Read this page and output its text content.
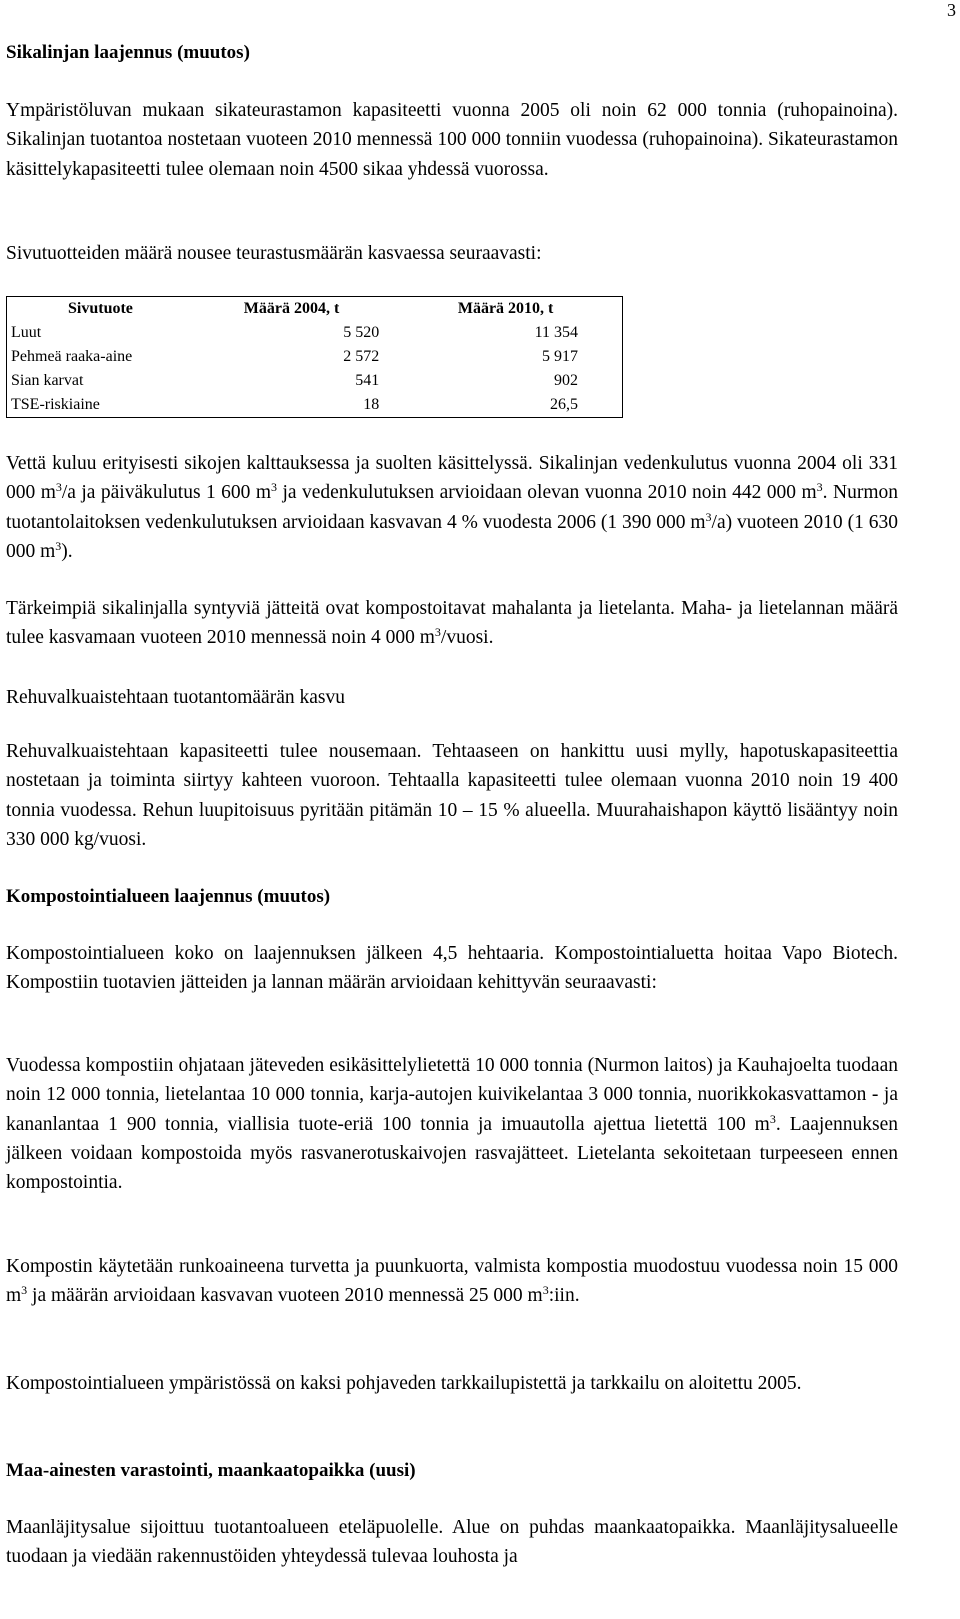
3
Sikalinjan laajennus (muutos)

Ympäristöluvan mukaan sikateurastamon kapasiteetti vuonna 2005 oli noin 62 000 tonnia (ruhopainoina). Sikalinjan tuotantoa nostetaan vuoteen 2010 mennessä 100 000 tonniin vuodessa (ruhopainoina). Sikateurastamon käsittelykapasiteetti tulee olemaan noin 4500 sikaa yhdessä vuorossa.

Sivutuotteiden määrä nousee teurastusmäärän kasvaessa seuraavasti:

Sivutuote	Määrä 2004, t	Määrä 2010, t
Luut	5 520	11 354
Pehmeä raaka-aine	2 572	5 917
Sian karvat	541	902
TSE-riskiaine	18	26,5

Vettä kuluu erityisesti sikojen kalttauksessa ja suolten käsittelyssä. Sikalinjan vedenkulutus vuonna 2004 oli 331 000 $m^3/a$ ja päiväkulutus 1 600 $m^3$ ja vedenkulutuksen arvioidaan olevan vuonna 2010 noin 442 000 $m^3$. Nurmon tuotantolaitoksen vedenkulutuksen arvioidaan kasvavan 4 % vuodesta 2006 (1 390 000 $m^3/a$) vuoteen 2010 (1 630 000 $m^3$).

Tärkeimpiä sikalinjalla syntyviä jätteitä ovat kompostoitavat mahalanta ja lietelanta. Maha- ja lietelannan määrä tulee kasvamaan vuoteen 2010 mennessä noin 4 000 $m^3$/vuosi.

Rehuvalkuaistehtaan tuotantomäärän kasvu

Rehuvalkuaistehtaan kapasiteetti tulee nousemaan. Tehtaaseen on hankittu uusi mylly, hapotuskapasiteettia nostetaan ja toiminta siirtyy kahteen vuoroon. Tehtaalla kapasiteetti tulee olemaan vuonna 2010 noin 19 400 tonnia vuodessa. Rehun luupitoisuus pyritään pitämän 10 – 15 % alueella. Muurahaishapon käyttö lisääntyy noin 330 000 kg/vuosi.

Kompostointialueen laajennus (muutos)

Kompostointialueen koko on laajennuksen jälkeen 4,5 hehtaaria. Kompostointialuetta hoitaa Vapo Biotech. Kompostiin tuotavien jätteiden ja lannan määrän arvioidaan kehittyvän seuraavasti:

Vuodessa kompostiin ohjataan jäteveden esikäsittelylietettä 10 000 tonnia (Nurmon laitos) ja Kauhajoelta tuodaan noin 12 000 tonnia, lietelantaa 10 000 tonnia, karja-autojen kuivikelantaa 3 000 tonnia, nuorikkokasvattamon - ja kananlantaa 1 900 tonnia, viallisia tuote-eriä 100 tonnia ja imuautolla ajettua lietettä 100 $m^3$. Laajennuksen jälkeen voidaan kompostoida myös rasvanerotuskaivojen rasvajätteet. Lietelanta sekoitetaan turpeeseen ennen kompostointia.

Kompostin käytetään runkoaineena turvetta ja puunkuorta, valmista kompostia muodostuu vuodessa noin 15 000 $m^3$ ja määrän arvioidaan kasvavan vuoteen 2010 mennessä 25 000 $m^3:iin$.

Kompostointialueen ympäristössä on kaksi pohjaveden tarkkailupistettä ja tarkkailu on aloitettu 2005.

Maa-ainesten varastointi, maankaatopaikka (uusi)

Maanläjitysalue sijoittuu tuotantoalueen eteläpuolelle. Alue on puhdas maankaatopaikka. Maanläjitysalueelle tuodaan ja viedään rakennustöiden yhteydessä tulevaa louhosta ja
